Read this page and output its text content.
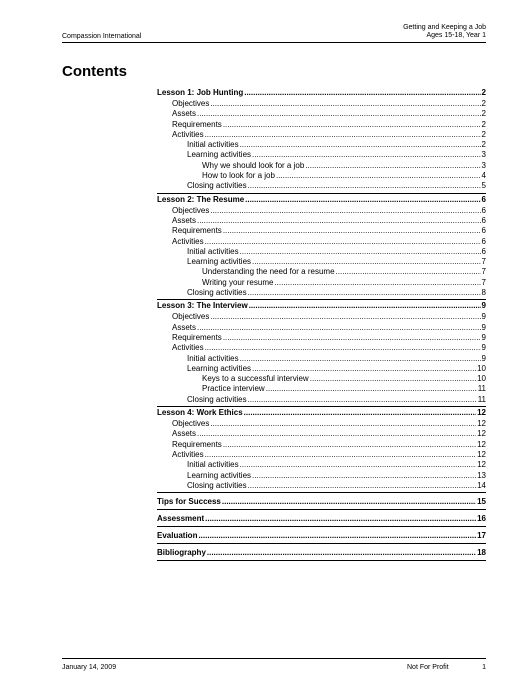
Compassion International
Getting and Keeping a Job
Ages 15-18, Year 1
Contents
Lesson 1: Job Hunting .....	2
Objectives .....	2
Assets .....	2
Requirements .....	2
Activities .....	2
Initial activities .....	2
Learning activities .....	3
Why we should look for a job .....	3
How to look for a job .....	4
Closing activities .....	5
Lesson 2: The Resume .....	6
Objectives .....	6
Assets .....	6
Requirements .....	6
Activities .....	6
Initial activities .....	6
Learning activities .....	7
Understanding the need for a resume .....	7
Writing your resume .....	7
Closing activities .....	8
Lesson 3: The Interview .....	9
Objectives .....	9
Assets .....	9
Requirements .....	9
Activities .....	9
Initial activities .....	9
Learning activities .....	10
Keys to a successful interview .....	10
Practice interview .....	11
Closing activities .....	11
Lesson 4: Work Ethics .....	12
Objectives .....	12
Assets .....	12
Requirements .....	12
Activities .....	12
Initial activities .....	12
Learning activities .....	13
Closing activities .....	14
Tips for Success .....	15
Assessment .....	16
Evaluation .....	17
Bibliography .....	18
January 14, 2009	Not For Profit	1
